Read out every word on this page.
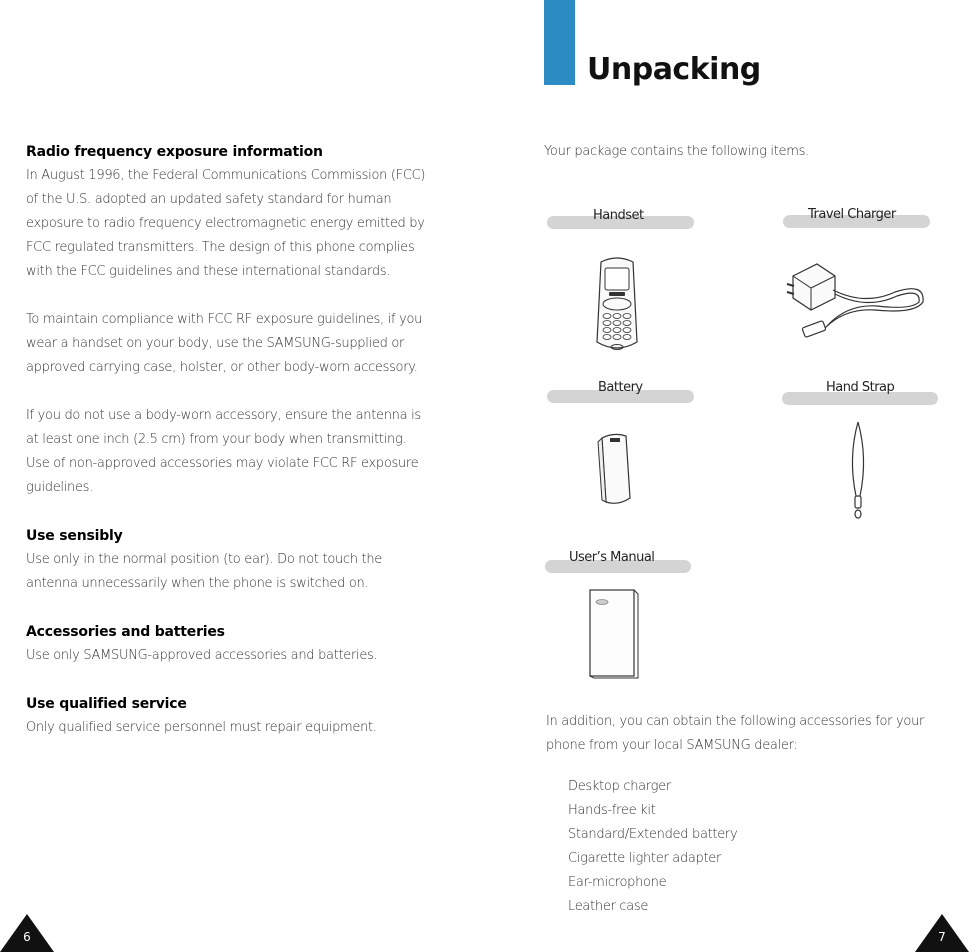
Radio frequency exposure information
In August 1996, the Federal Communications Commission (FCC) of the U.S. adopted an updated safety standard for human exposure to radio frequency electromagnetic energy emitted by FCC regulated transmitters. The design of this phone complies with the FCC guidelines and these international standards.
To maintain compliance with FCC RF exposure guidelines, if you wear a handset on your body, use the SAMSUNG-supplied or approved carrying case, holster, or other body-worn accessory.
If you do not use a body-worn accessory, ensure the antenna is at least one inch (2.5 cm) from your body when transmitting. Use of non-approved accessories may violate FCC RF exposure guidelines.
Use sensibly
Use only in the normal position (to ear). Do not touch the antenna unnecessarily when the phone is switched on.
Accessories and batteries
Use only SAMSUNG-approved accessories and batteries.
Use qualified service
Only qualified service personnel must repair equipment.
6
Unpacking
Your package contains the following items.
Handset	Travel Charger
Battery	Hand Strap
User’s Manual
In addition, you can obtain the following accessories for your phone from your local SAMSUNG dealer:
Desktop charger
Hands-free kit
Standard/Extended battery
Cigarette lighter adapter
Ear-microphone
Leather case
7
